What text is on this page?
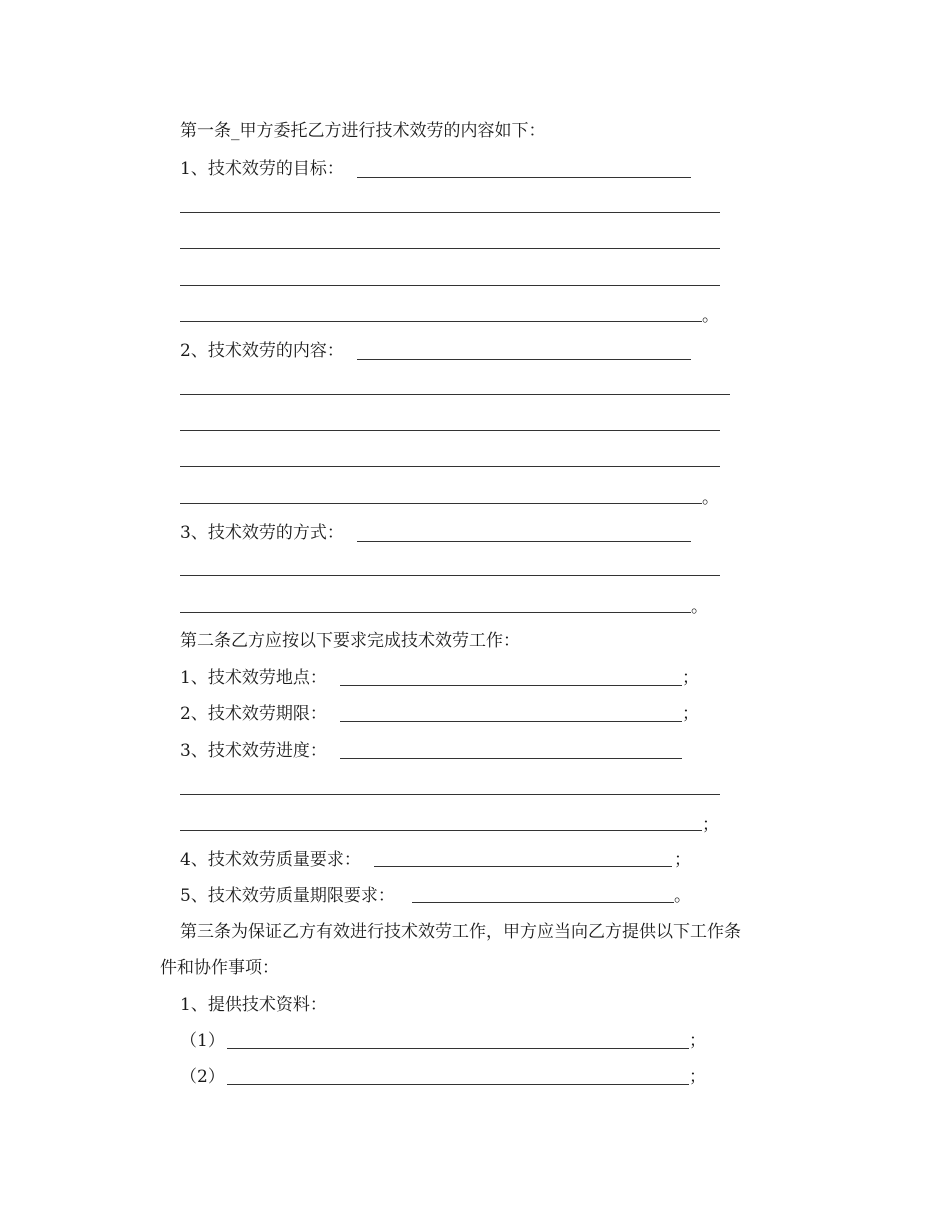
第一条_甲方委托乙方进行技术效劳的内容如下：
1、技术效劳的目标：
。
2、技术效劳的内容：
。
3、技术效劳的方式：
。
第二条乙方应按以下要求完成技术效劳工作：
1、技术效劳地点：	；
2、技术效劳期限：	；
3、技术效劳进度：
；
4、技术效劳质量要求：	；
5、技术效劳质量期限要求：	。
第三条为保证乙方有效进行技术效劳工作，甲方应当向乙方提供以下工作条
件和协作事项：
1、提供技术资料：
（1）	；
（2）	；
